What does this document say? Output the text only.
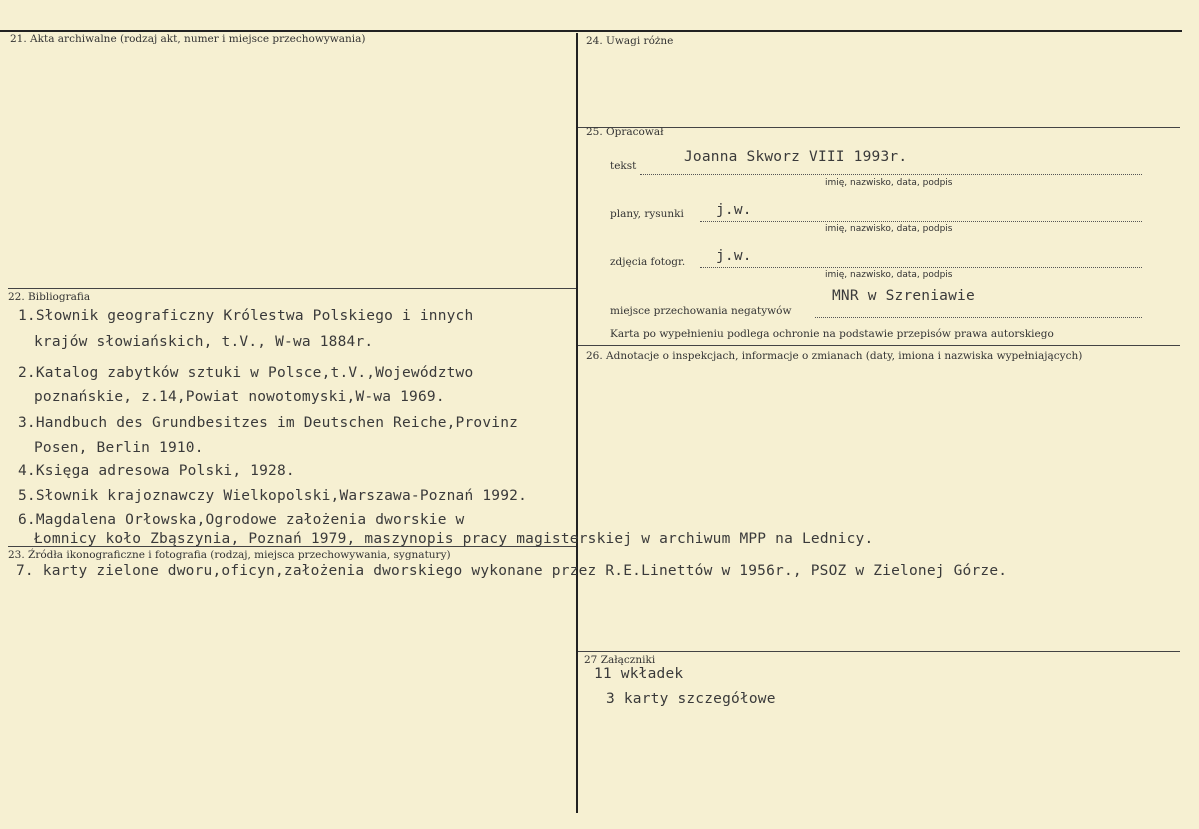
21. Akta archiwalne (rodzaj akt, numer i miejsce przechowywania)
22. Bibliografia
1.Słownik geograficzny Królestwa Polskiego i innych
krajów słowiańskich, t.V., W-wa 1884r.
2.Katalog zabytków sztuki w Polsce,t.V.,Województwo
poznańskie, z.14,Powiat nowotomyski,W-wa 1969.
3.Handbuch des Grundbesitzes im Deutschen Reiche,Provinz
Posen, Berlin 1910.
4.Księga adresowa Polski, 1928.
5.Słownik krajoznawczy Wielkopolski,Warszawa-Poznań 1992.
6.Magdalena Orłowska,Ogrodowe założenia dworskie w
Łomnicy koło Zbąszynia, Poznań 1979, maszynopis pracy magisterskiej w archiwum MPP na Lednicy.
23. Źródła ikonograficzne i fotografia (rodzaj, miejsca przechowywania, sygnatury)
7. karty zielone dworu,oficyn,założenia dworskiego wykonane przez R.E.Linettów w 1956r., PSOZ w Zielonej Górze.
24. Uwagi różne
25. Opracował
tekst
Joanna Skworz VIII 1993r.
imię, nazwisko, data, podpis
plany, rysunki j.w.
imię, nazwisko, data, podpis
zdjęcia fotogr. j.w.
imię, nazwisko, data, podpis
miejsce przechowania negatywów
MNR w Szreniawie
Karta po wypełnieniu podlega ochronie na podstawie przepisów prawa autorskiego
26. Adnotacje o inspekcjach, informacje o zmianach (daty, imiona i nazwiska wypełniających)
27 Załączniki
11 wkładek
3 karty szczegółowe
